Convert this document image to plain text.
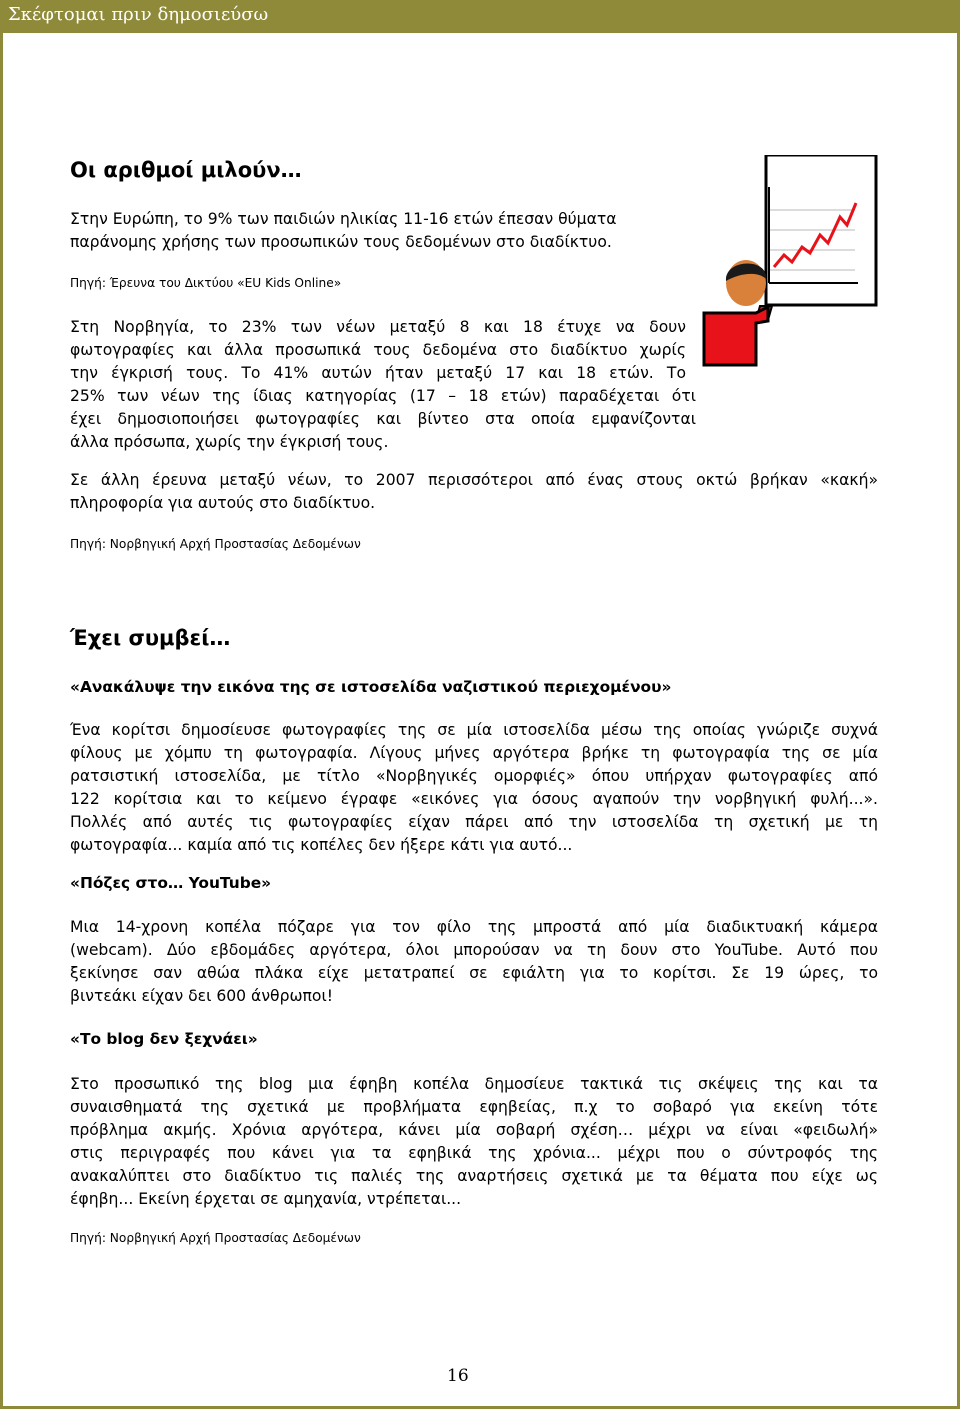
Σκέφτομαι πριν δημοσιεύσω
Οι αριθμοί μιλούν…
Στην Ευρώπη, το 9% των παιδιών ηλικίας 11-16 ετών έπεσαν θύματα
παράνομης χρήσης των προσωπικών τους δεδομένων στο διαδίκτυο.
Πηγή: Έρευνα του Δικτύου «EU Kids Online»
Στη Νορβηγία, το 23% των νέων μεταξύ 8 και 18 έτυχε να δουν
φωτογραφίες και άλλα προσωπικά τους δεδομένα στο διαδίκτυο χωρίς
την έγκρισή τους. Το 41% αυτών ήταν μεταξύ 17 και 18 ετών. Το
25% των νέων της ίδιας κατηγορίας (17 – 18 ετών) παραδέχεται ότι
έχει δημοσιοποιήσει φωτογραφίες και βίντεο στα οποία εμφανίζονται
άλλα πρόσωπα, χωρίς την έγκρισή τους.
Σε άλλη έρευνα μεταξύ νέων, το 2007 περισσότεροι από ένας στους οκτώ βρήκαν «κακή»
πληροφορία για αυτούς στο διαδίκτυο.
Πηγή: Νορβηγική Αρχή Προστασίας Δεδομένων
Έχει συμβεί…
«Ανακάλυψε την εικόνα της σε ιστοσελίδα ναζιστικού περιεχομένου»
Ένα κορίτσι δημοσίευσε φωτογραφίες της σε μία ιστοσελίδα μέσω της οποίας γνώριζε συχνά
φίλους με χόμπυ τη φωτογραφία. Λίγους μήνες αργότερα βρήκε τη φωτογραφία της σε μία
ρατσιστική ιστοσελίδα, με τίτλο «Νορβηγικές ομορφιές» όπου υπήρχαν φωτογραφίες από
122 κορίτσια και το κείμενο έγραφε «εικόνες για όσους αγαπούν την νορβηγική φυλή...».
Πολλές από αυτές τις φωτογραφίες είχαν πάρει από την ιστοσελίδα τη σχετική με τη
φωτογραφία... καμία από τις κοπέλες δεν ήξερε κάτι για αυτό...
«Πόζες στο… YouTube»
Μια 14-χρονη κοπέλα πόζαρε για τον φίλο της μπροστά από μία διαδικτυακή κάμερα
(webcam). Δύο εβδομάδες αργότερα, όλοι μπορούσαν να τη δουν στο YouTube. Αυτό που
ξεκίνησε σαν αθώα πλάκα είχε μετατραπεί σε εφιάλτη για το κορίτσι. Σε 19 ώρες, το
βιντεάκι είχαν δει 600 άνθρωποι!
«Το blog δεν ξεχνάει»
Στο προσωπικό της blog μια έφηβη κοπέλα δημοσίευε τακτικά τις σκέψεις της και τα
συναισθηματά της σχετικά με προβλήματα εφηβείας, π.χ το σοβαρό για εκείνη τότε
πρόβλημα ακμής. Χρόνια αργότερα, κάνει μία σοβαρή σχέση… μέχρι να είναι «φειδωλή»
στις περιγραφές που κάνει για τα εφηβικά της χρόνια... μέχρι που ο σύντροφός της
ανακαλύπτει στο διαδίκτυο τις παλιές της αναρτήσεις σχετικά με τα θέματα που είχε ως
έφηβη... Εκείνη έρχεται σε αμηχανία, ντρέπεται...
Πηγή: Νορβηγική Αρχή Προστασίας Δεδομένων
16
